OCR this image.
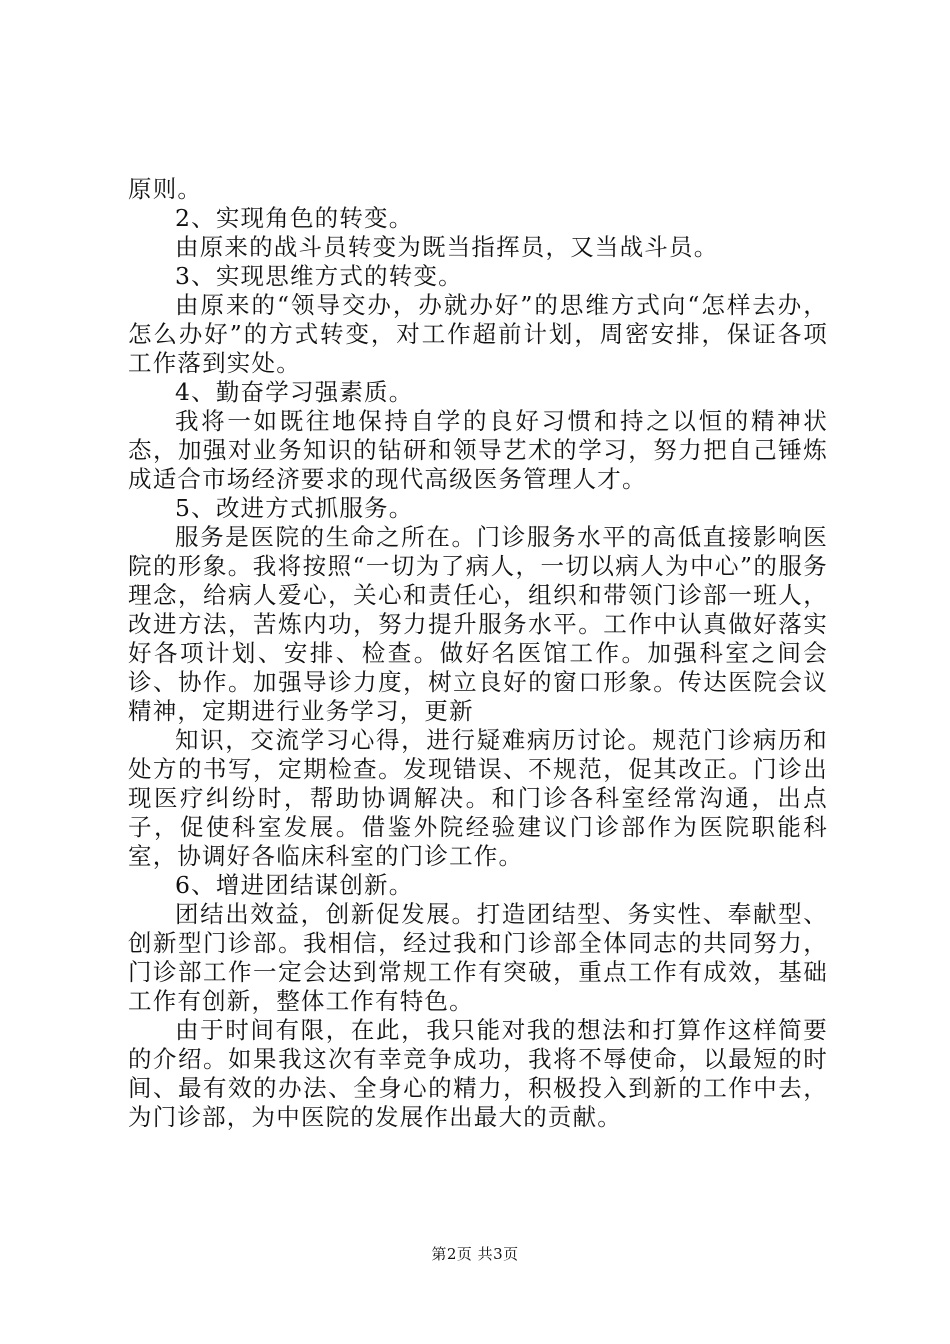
原则。

2、实现角色的转变。

由原来的战斗员转变为既当指挥员，又当战斗员。

3、实现思维方式的转变。

由原来的“领导交办，办就办好”的思维方式向“怎样去办，怎么办好”的方式转变，对工作超前计划，周密安排，保证各项工作落到实处。

4、勤奋学习强素质。

我将一如既往地保持自学的良好习惯和持之以恒的精神状态，加强对业务知识的钻研和领导艺术的学习，努力把自己锤炼成适合市场经济要求的现代高级医务管理人才。

5、改进方式抓服务。

服务是医院的生命之所在。门诊服务水平的高低直接影响医院的形象。我将按照“一切为了病人，一切以病人为中心”的服务理念，给病人爱心，关心和责任心，组织和带领门诊部一班人，改进方法，苦炼内功，努力提升服务水平。工作中认真做好落实好各项计划、安排、检查。做好名医馆工作。加强科室之间会诊、协作。加强导诊力度，树立良好的窗口形象。传达医院会议精神，定期进行业务学习，更新

知识，交流学习心得，进行疑难病历讨论。规范门诊病历和处方的书写，定期检查。发现错误、不规范，促其改正。门诊出现医疗纠纷时，帮助协调解决。和门诊各科室经常沟通，出点子，促使科室发展。借鉴外院经验建议门诊部作为医院职能科室，协调好各临床科室的门诊工作。

6、增进团结谋创新。

团结出效益，创新促发展。打造团结型、务实性、奉献型、创新型门诊部。我相信，经过我和门诊部全体同志的共同努力，门诊部工作一定会达到常规工作有突破，重点工作有成效，基础工作有创新，整体工作有特色。

由于时间有限，在此，我只能对我的想法和打算作这样简要的介绍。如果我这次有幸竞争成功，我将不辱使命，以最短的时间、最有效的办法、全身心的精力，积极投入到新的工作中去，为门诊部，为中医院的发展作出最大的贡献。

第2页 共3页
